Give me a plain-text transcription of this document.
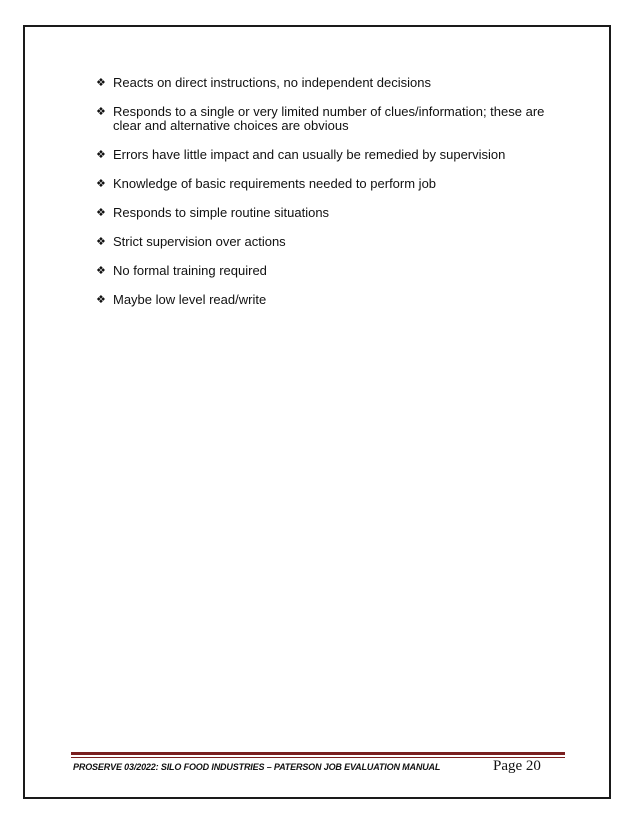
❖ Reacts on direct instructions, no independent decisions
❖ Responds to a single or very limited number of clues/information; these are clear and alternative choices are obvious
❖ Errors have little impact and can usually be remedied by supervision
❖ Knowledge of basic requirements needed to perform job
❖ Responds to simple routine situations
❖ Strict supervision over actions
❖ No formal training required
❖ Maybe low level read/write
PROSERVE 03/2022: SILO FOOD INDUSTRIES – PATERSON JOB EVALUATION MANUAL	Page 20
